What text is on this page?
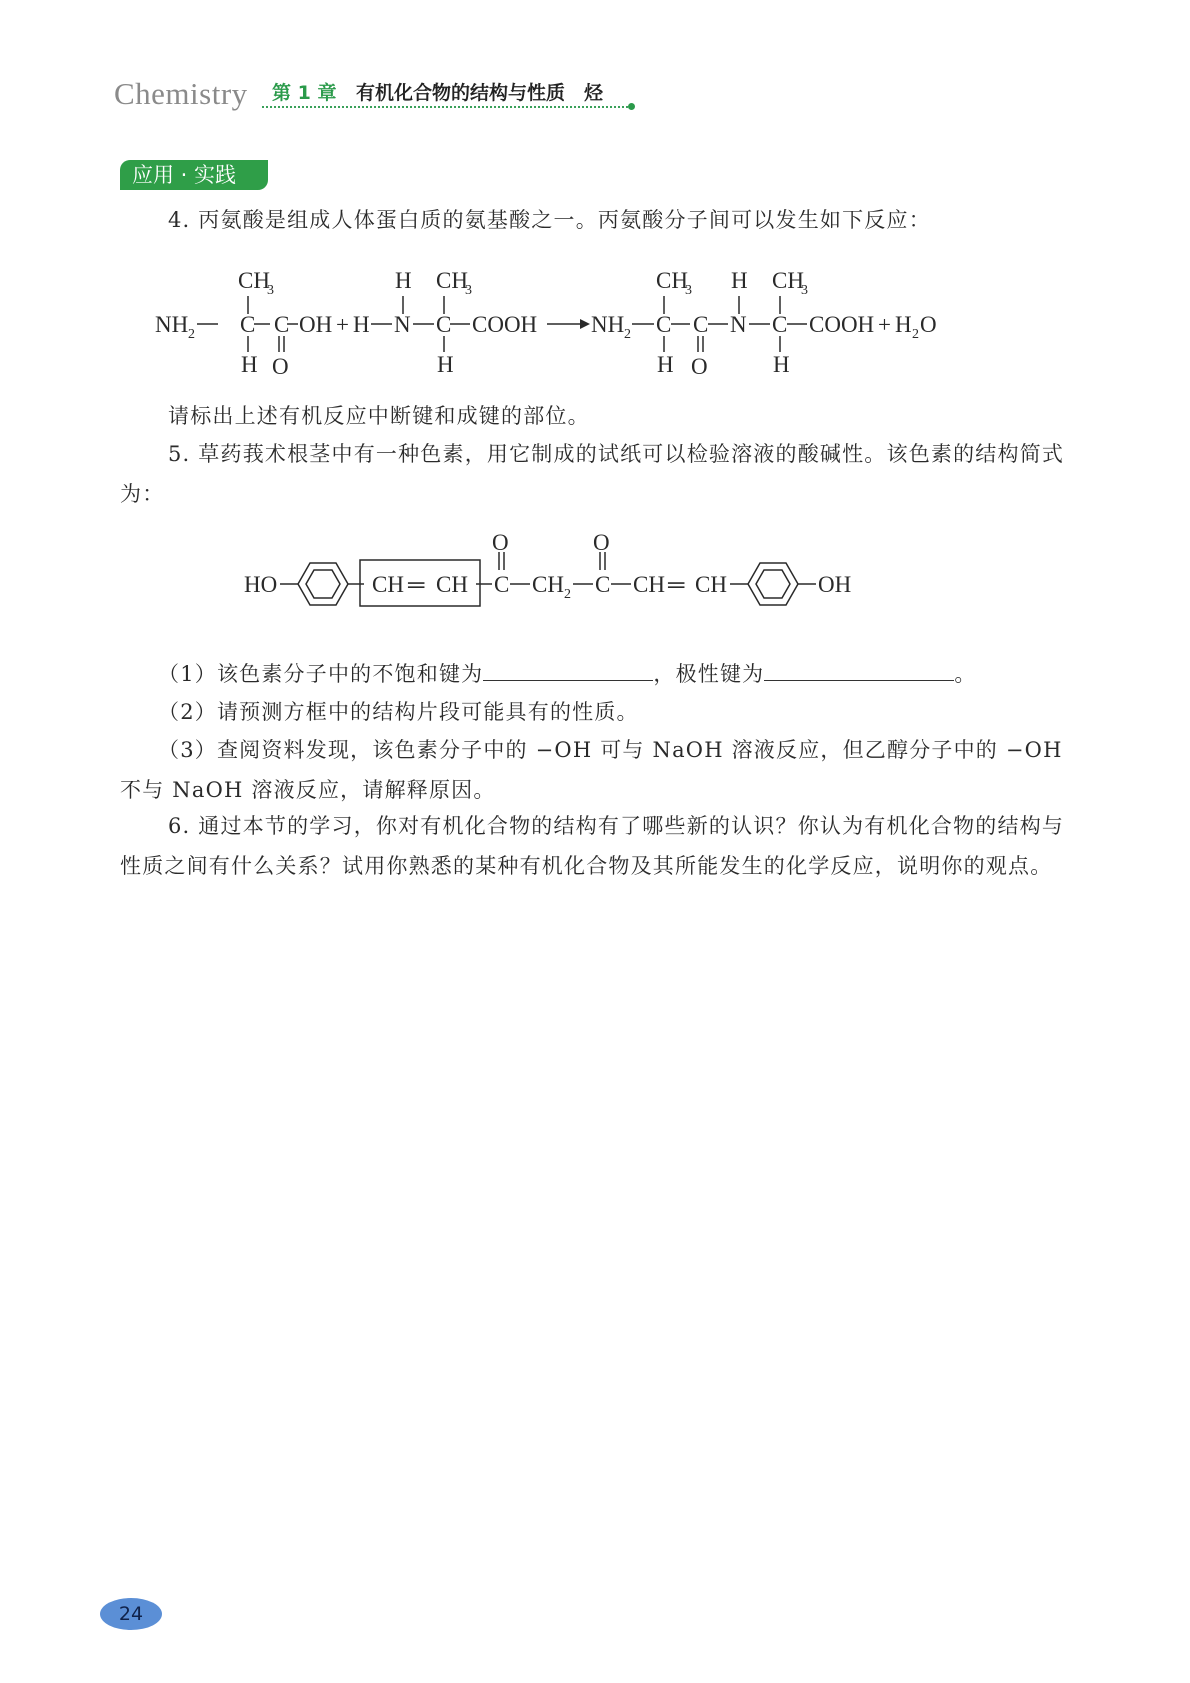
Chemistry 第 1 章 有机化合物的结构与性质　烃
应用 · 实践

4. 丙氨酸是组成人体蛋白质的氨基酸之一。丙氨酸分子间可以发生如下反应：

CH
3
NH 2 C C OH
H O
+ H N
H
C
CH
3
COOH
H
NH 2 C
CH
3
H
C
O
N
H
C
CH
3
H
COOH + H 2 O

请标出上述有机反应中断键和成键的部位。

5. 草药莪术根茎中有一种色素，用它制成的试纸可以检验溶液的酸碱性。该色素的结构简式为：

HO	CH ═ CH C
O
CH 2 C
O
CH ═ CH	OH

（1）该色素分子中的不饱和键为	，极性键为	。

（2）请预测方框中的结构片段可能具有的性质。

（3）查阅资料发现，该色素分子中的 −OH 可与 NaOH 溶液反应，但乙醇分子中的 −OH 不与 NaOH 溶液反应，请解释原因。

6. 通过本节的学习，你对有机化合物的结构有了哪些新的认识？你认为有机化合物的结构与性质之间有什么关系？试用你熟悉的某种有机化合物及其所能发生的化学反应，说明你的观点。

24
